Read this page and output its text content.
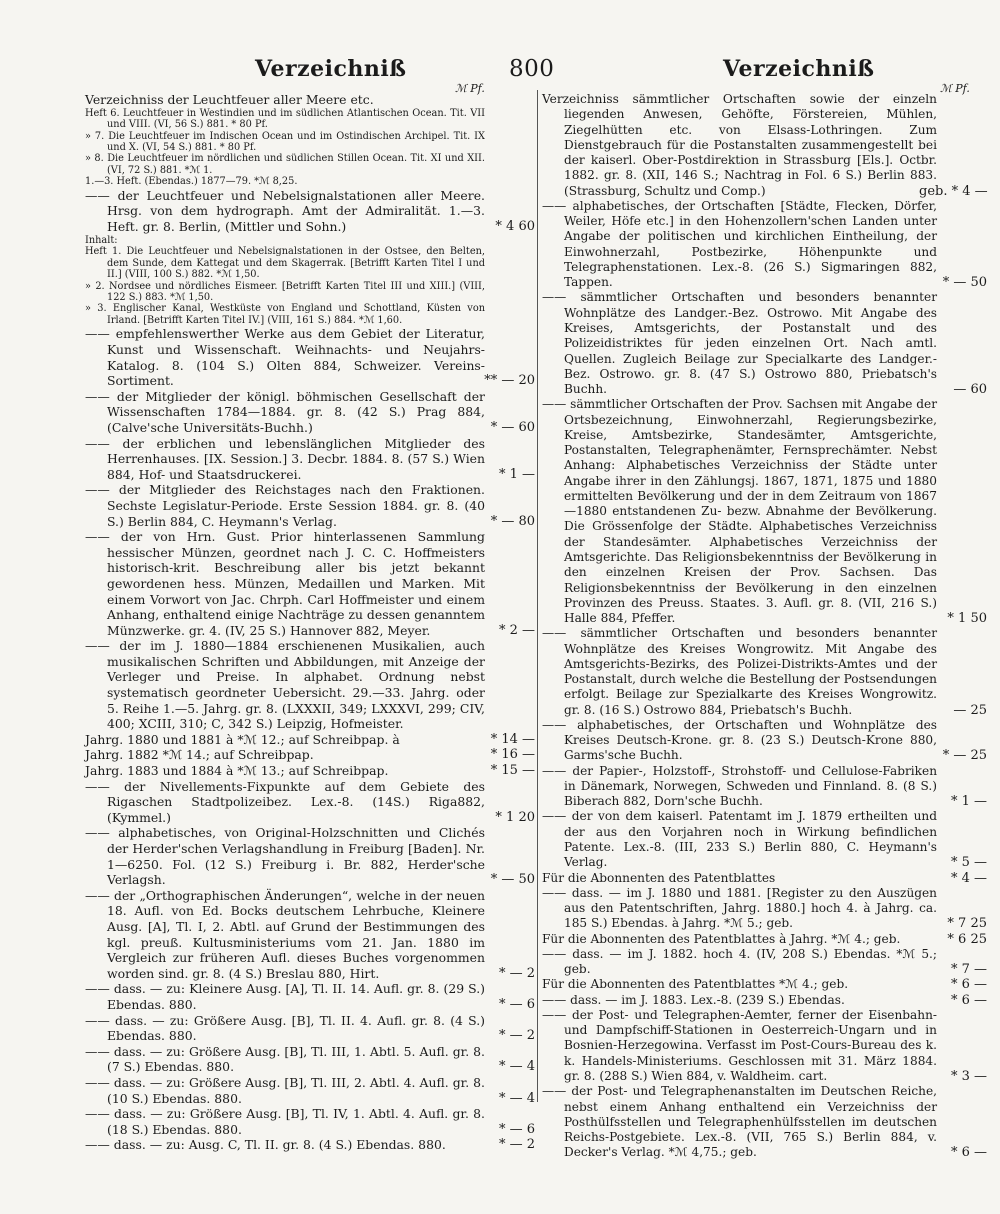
Verzeichniß	800	Verzeichniß
ℳ Pf.	ℳ Pf.
Verzeichniss der Leuchtfeuer aller Meere etc.
Heft 6. Leuchtfeuer in Westindien und im südlichen Atlantischen Ocean. Tit. VII und VIII. (VI, 56 S.) 881. * 80 Pf.
» 7. Die Leuchtfeuer im Indischen Ocean und im Ostindischen Archipel. Tit. IX und X. (VI, 54 S.) 881. * 80 Pf.
» 8. Die Leuchtfeuer im nördlichen und südlichen Stillen Ocean. Tit. XI und XII. (VI, 72 S.) 881. *ℳ 1.
1.—3. Heft. (Ebendas.) 1877—79. *ℳ 8,25.
—— der Leuchtfeuer und Nebelsignalstationen aller Meere. Hrsg. von dem hydrograph. Amt der Admiralität. 1.—3. Heft. gr. 8. Berlin, (Mittler und Sohn.)	* 4 60
Inhalt:
Heft 1. Die Leuchtfeuer und Nebelsignalstationen in der Ostsee, den Belten, dem Sunde, dem Kattegat und dem Skagerrak. [Betrifft Karten Titel I und II.] (VIII, 100 S.) 882. *ℳ 1,50.
» 2. Nordsee und nördliches Eismeer. [Betrifft Karten Titel III und XIII.] (VIII, 122 S.) 883. *ℳ 1,50.
» 3. Englischer Kanal, Westküste von England und Schottland, Küsten von Irland. [Betrifft Karten Titel IV.] (VIII, 161 S.) 884. *ℳ 1,60.
—— empfehlenswerther Werke aus dem Gebiet der Literatur, Kunst und Wissenschaft. Weihnachts- und Neujahrs-Katalog. 8. (104 S.) Olten 884, Schweizer. Vereins-Sortiment.	** — 20
—— der Mitglieder der königl. böhmischen Gesellschaft der Wissenschaften 1784—1884. gr. 8. (42 S.) Prag 884, (Calve'sche Universitäts-Buchh.)	* — 60
—— der erblichen und lebenslänglichen Mitglieder des Herrenhauses. [IX. Session.] 3. Decbr. 1884. 8. (57 S.) Wien 884, Hof- und Staatsdruckerei.	* 1 —
—— der Mitglieder des Reichstages nach den Fraktionen. Sechste Legislatur-Periode. Erste Session 1884. gr. 8. (40 S.) Berlin 884, C. Heymann's Verlag.	* — 80
—— der von Hrn. Gust. Prior hinterlassenen Sammlung hessischer Münzen, geordnet nach J. C. C. Hoffmeisters historisch-krit. Beschreibung aller bis jetzt bekannt gewordenen hess. Münzen, Medaillen und Marken. Mit einem Vorwort von Jac. Chrph. Carl Hoffmeister und einem Anhang, enthaltend einige Nachträge zu dessen genanntem Münzwerke. gr. 4. (IV, 25 S.) Hannover 882, Meyer.	* 2 —
—— der im J. 1880—1884 erschienenen Musikalien, auch musikalischen Schriften und Abbildungen, mit Anzeige der Verleger und Preise. In alphabet. Ordnung nebst systematisch geordneter Uebersicht. 29.—33. Jahrg. oder 5. Reihe 1.—5. Jahrg. gr. 8. (LXXXII, 349; LXXXVI, 299; CIV, 400; XCIII, 310; C, 342 S.) Leipzig, Hofmeister.
Jahrg. 1880 und 1881 à *ℳ 12.; auf Schreibpap. à	* 14 —
Jahrg. 1882 *ℳ 14.; auf Schreibpap.	* 16 —
Jahrg. 1883 und 1884 à *ℳ 13.; auf Schreibpap.	* 15 —
—— der Nivellements-Fixpunkte auf dem Gebiete des Rigaschen Stadtpolizeibez. Lex.-8. (14S.) Riga882,(Kymmel.)	* 1 20
—— alphabetisches, von Original-Holzschnitten und Clichés der Herder'schen Verlagshandlung in Freiburg [Baden]. Nr. 1—6250. Fol. (12 S.) Freiburg i. Br. 882, Herder'sche Verlagsh.	* — 50
—— der „Orthographischen Änderungen“, welche in der neuen 18. Aufl. von Ed. Bocks deutschem Lehrbuche, Kleinere Ausg. [A], Tl. I, 2. Abtl. auf Grund der Bestimmungen des kgl. preuß. Kultusministeriums vom 21. Jan. 1880 im Vergleich zur früheren Aufl. dieses Buches vorgenommen worden sind. gr. 8. (4 S.) Breslau 880, Hirt.	* — 2
—— dass. — zu: Kleinere Ausg. [A], Tl. II. 14. Aufl. gr. 8. (29 S.) Ebendas. 880.	* — 6
—— dass. — zu: Größere Ausg. [B], Tl. II. 4. Aufl. gr. 8. (4 S.) Ebendas. 880.	* — 2
—— dass. — zu: Größere Ausg. [B], Tl. III, 1. Abtl. 5. Aufl. gr. 8. (7 S.) Ebendas. 880.	* — 4
—— dass. — zu: Größere Ausg. [B], Tl. III, 2. Abtl. 4. Aufl. gr. 8. (10 S.) Ebendas. 880.	* — 4
—— dass. — zu: Größere Ausg. [B], Tl. IV, 1. Abtl. 4. Aufl. gr. 8. (18 S.) Ebendas. 880.	* — 6
—— dass. — zu: Ausg. C, Tl. II. gr. 8. (4 S.) Ebendas. 880.	* — 2
Verzeichniss sämmtlicher Ortschaften sowie der einzeln liegenden Anwesen, Gehöfte, Förstereien, Mühlen, Ziegelhütten etc. von Elsass-Lothringen. Zum Dienstgebrauch für die Postanstalten zusammengestellt bei der kaiserl. Ober-Postdirektion in Strassburg [Els.]. Octbr. 1882. gr. 8. (XII, 146 S.; Nachtrag in Fol. 6 S.) Berlin 883. (Strassburg, Schultz und Comp.)	geb. * 4 —
—— alphabetisches, der Ortschaften [Städte, Flecken, Dörfer, Weiler, Höfe etc.] in den Hohenzollern'schen Landen unter Angabe der politischen und kirchlichen Eintheilung, der Einwohnerzahl, Postbezirke, Höhenpunkte und Telegraphenstationen. Lex.-8. (26 S.) Sigmaringen 882, Tappen.	* — 50
—— sämmtlicher Ortschaften und besonders benannter Wohnplätze des Landger.-Bez. Ostrowo. Mit Angabe des Kreises, Amtsgerichts, der Postanstalt und des Polizeidistriktes für jeden einzelnen Ort. Nach amtl. Quellen. Zugleich Beilage zur Specialkarte des Landger.-Bez. Ostrowo. gr. 8. (47 S.) Ostrowo 880, Priebatsch's Buchh.	— 60
—— sämmtlicher Ortschaften der Prov. Sachsen mit Angabe der Ortsbezeichnung, Einwohnerzahl, Regierungsbezirke, Kreise, Amtsbezirke, Standesämter, Amtsgerichte, Postanstalten, Telegraphenämter, Fernsprechämter. Nebst Anhang: Alphabetisches Verzeichniss der Städte unter Angabe ihrer in den Zählungsj. 1867, 1871, 1875 und 1880 ermittelten Bevölkerung und der in dem Zeitraum von 1867—1880 entstandenen Zu- bezw. Abnahme der Bevölkerung. Die Grössenfolge der Städte. Alphabetisches Verzeichniss der Standesämter. Alphabetisches Verzeichniss der Amtsgerichte. Das Religionsbekenntniss der Bevölkerung in den einzelnen Kreisen der Prov. Sachsen. Das Religionsbekenntniss der Bevölkerung in den einzelnen Provinzen des Preuss. Staates. 3. Aufl. gr. 8. (VII, 216 S.) Halle 884, Pfeffer.	* 1 50
—— sämmtlicher Ortschaften und besonders benannter Wohnplätze des Kreises Wongrowitz. Mit Angabe des Amtsgerichts-Bezirks, des Polizei-Distrikts-Amtes und der Postanstalt, durch welche die Bestellung der Postsendungen erfolgt. Beilage zur Spezialkarte des Kreises Wongrowitz. gr. 8. (16 S.) Ostrowo 884, Priebatsch's Buchh.	— 25
—— alphabetisches, der Ortschaften und Wohnplätze des Kreises Deutsch-Krone. gr. 8. (23 S.) Deutsch-Krone 880, Garms'sche Buchh.	* — 25
—— der Papier-, Holzstoff-, Strohstoff- und Cellulose-Fabriken in Dänemark, Norwegen, Schweden und Finnland. 8. (8 S.) Biberach 882, Dorn'sche Buchh.	* 1 —
—— der von dem kaiserl. Patentamt im J. 1879 ertheilten und der aus den Vorjahren noch in Wirkung befindlichen Patente. Lex.-8. (III, 233 S.) Berlin 880, C. Heymann's Verlag.	* 5 —
Für die Abonnenten des Patentblattes	* 4 —
—— dass. — im J. 1880 und 1881. [Register zu den Auszügen aus den Patentschriften, Jahrg. 1880.] hoch 4. à Jahrg. ca. 185 S.) Ebendas. à Jahrg. *ℳ 5.; geb.	* 7 25
Für die Abonnenten des Patentblattes à Jahrg. *ℳ 4.; geb.	* 6 25
—— dass. — im J. 1882. hoch 4. (IV, 208 S.) Ebendas. *ℳ 5.; geb.	* 7 —
Für die Abonnenten des Patentblattes *ℳ 4.; geb.	* 6 —
—— dass. — im J. 1883. Lex.-8. (239 S.) Ebendas.	* 6 —
—— der Post- und Telegraphen-Aemter, ferner der Eisenbahn- und Dampfschiff-Stationen in Oesterreich-Ungarn und in Bosnien-Herzegowina. Verfasst im Post-Cours-Bureau des k. k. Handels-Ministeriums. Geschlossen mit 31. März 1884. gr. 8. (288 S.) Wien 884, v. Waldheim. cart.	* 3 —
—— der Post- und Telegraphenanstalten im Deutschen Reiche, nebst einem Anhang enthaltend ein Verzeichniss der Posthülfsstellen und Telegraphenhülfsstellen im deutschen Reichs-Postgebiete. Lex.-8. (VII, 765 S.) Berlin 884, v. Decker's Verlag. *ℳ 4,75.; geb.	* 6 —
